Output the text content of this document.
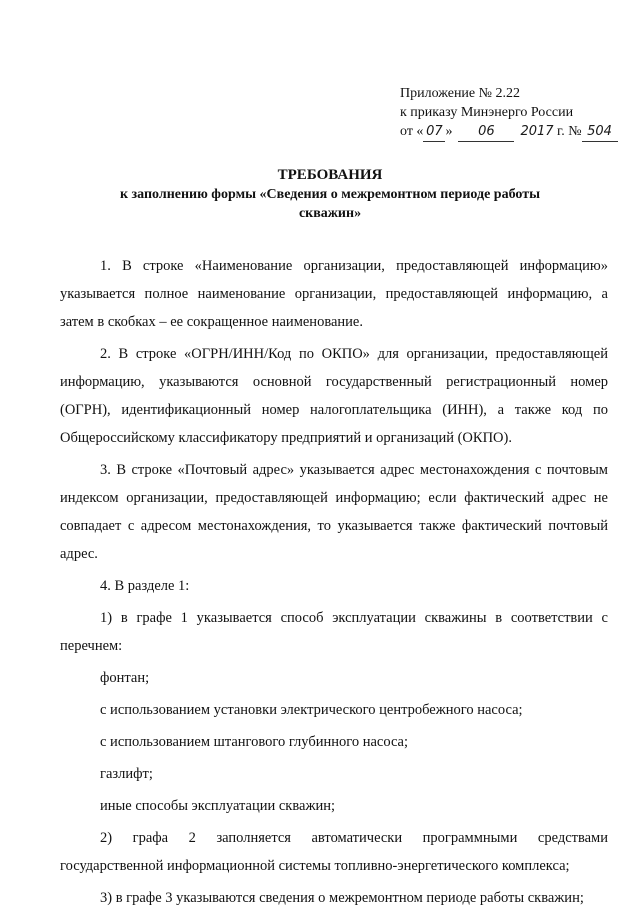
Приложение № 2.22
к приказу Минэнерго России
от « 07 » 06 2017 г. № 504
ТРЕБОВАНИЯ
к заполнению формы «Сведения о межремонтном периоде работы
скважин»

1. В строке «Наименование организации, предоставляющей информацию» указывается полное наименование организации, предоставляющей информацию, а затем в скобках – ее сокращенное наименование.

2. В строке «ОГРН/ИНН/Код по ОКПО» для организации, предоставляющей информацию, указываются основной государственный регистрационный номер (ОГРН), идентификационный номер налогоплательщика (ИНН), а также код по Общероссийскому классификатору предприятий и организаций (ОКПО).

3. В строке «Почтовый адрес» указывается адрес местонахождения с почтовым индексом организации, предоставляющей информацию; если фактический адрес не совпадает с адресом местонахождения, то указывается также фактический почтовый адрес.

4. В разделе 1:

1) в графе 1 указывается способ эксплуатации скважины в соответствии с перечнем:

фонтан;

с использованием установки электрического центробежного насоса;

с использованием штангового глубинного насоса;

газлифт;

иные способы эксплуатации скважин;

2) графа 2 заполняется автоматически программными средствами государственной информационной системы топливно-энергетического комплекса;

3) в графе 3 указываются сведения о межремонтном периоде работы скважин;
